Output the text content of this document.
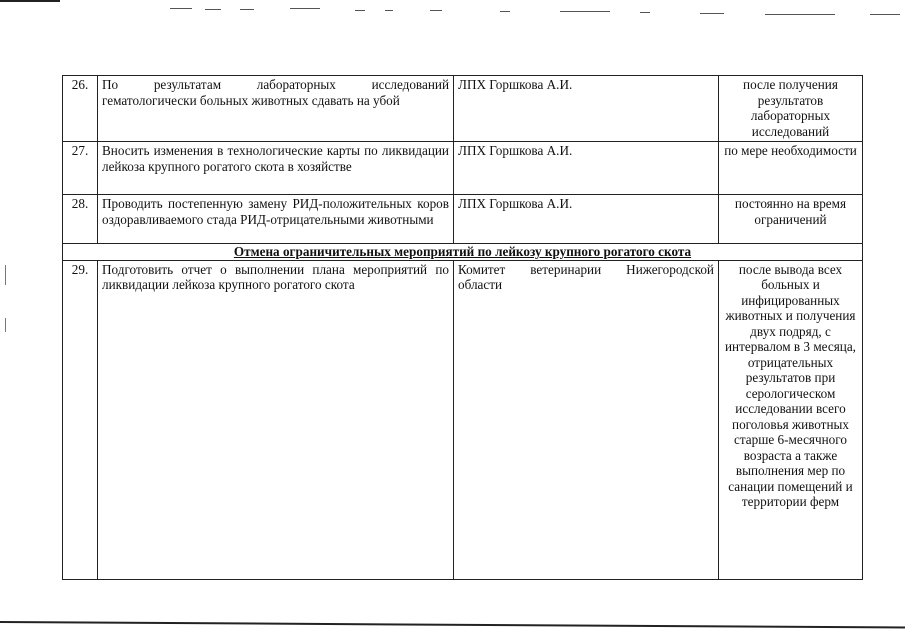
26.	По результатам лабораторных исследований гематологически больных животных сдавать на убой	ЛПХ Горшкова А.И.	после получения результатов лабораторных исследований
27.	Вносить изменения в технологические карты по ликвидации лейкоза крупного рогатого скота в хозяйстве	ЛПХ Горшкова А.И.	по мере необходимости
28.	Проводить постепенную замену РИД-положительных коров оздоравливаемого стада РИД-отрицательными животными	ЛПХ Горшкова А.И.	постоянно на время ограничений
Отмена ограничительных мероприятий по лейкозу крупного рогатого скота			
29.	Подготовить отчет о выполнении плана мероприятий по ликвидации лейкоза крупного рогатого скота	Комитет ветеринарии Нижегородской области	после вывода всех больных и инфицированных животных и получения двух подряд, с интервалом в 3 месяца, отрицательных результатов при серологическом исследовании всего поголовья животных старше 6-месячного возраста а также выполнения мер по санации помещений и территории ферм
